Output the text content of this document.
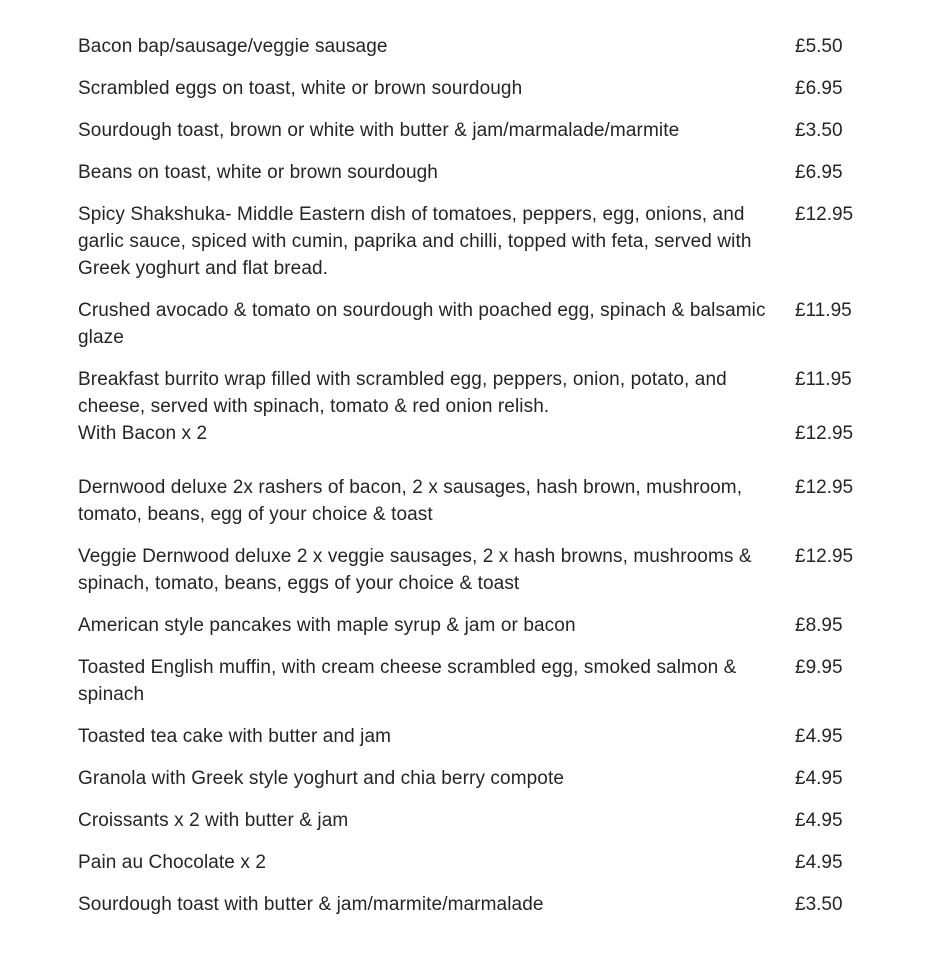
Bacon bap/sausage/veggie sausage	£5.50
Scrambled eggs on toast, white or brown sourdough	£6.95
Sourdough toast, brown or white with butter & jam/marmalade/marmite	£3.50
Beans on toast, white or brown sourdough	£6.95
Spicy Shakshuka- Middle Eastern dish of tomatoes, peppers, egg, onions, and garlic sauce, spiced with cumin, paprika and chilli, topped with feta, served with Greek yoghurt and flat bread.
£12.95
Crushed avocado & tomato on sourdough with poached egg, spinach & balsamic glaze
£11.95
Breakfast burrito wrap filled with scrambled egg, peppers, onion, potato, and cheese, served with spinach, tomato & red onion relish.
£11.95
With Bacon x 2	£12.95
Dernwood deluxe 2x rashers of bacon, 2 x sausages, hash brown, mushroom, tomato, beans, egg of your choice & toast
£12.95
Veggie Dernwood deluxe 2 x veggie sausages, 2 x hash browns, mushrooms & spinach, tomato, beans, eggs of your choice & toast
£12.95
American style pancakes with maple syrup & jam or bacon	£8.95
Toasted English muffin, with cream cheese scrambled egg, smoked salmon & spinach
£9.95
Toasted tea cake with butter and jam	£4.95
Granola with Greek style yoghurt and chia berry compote	£4.95
Croissants x 2 with butter & jam	£4.95
Pain au Chocolate x 2	£4.95
Sourdough toast with butter & jam/marmite/marmalade	£3.50
